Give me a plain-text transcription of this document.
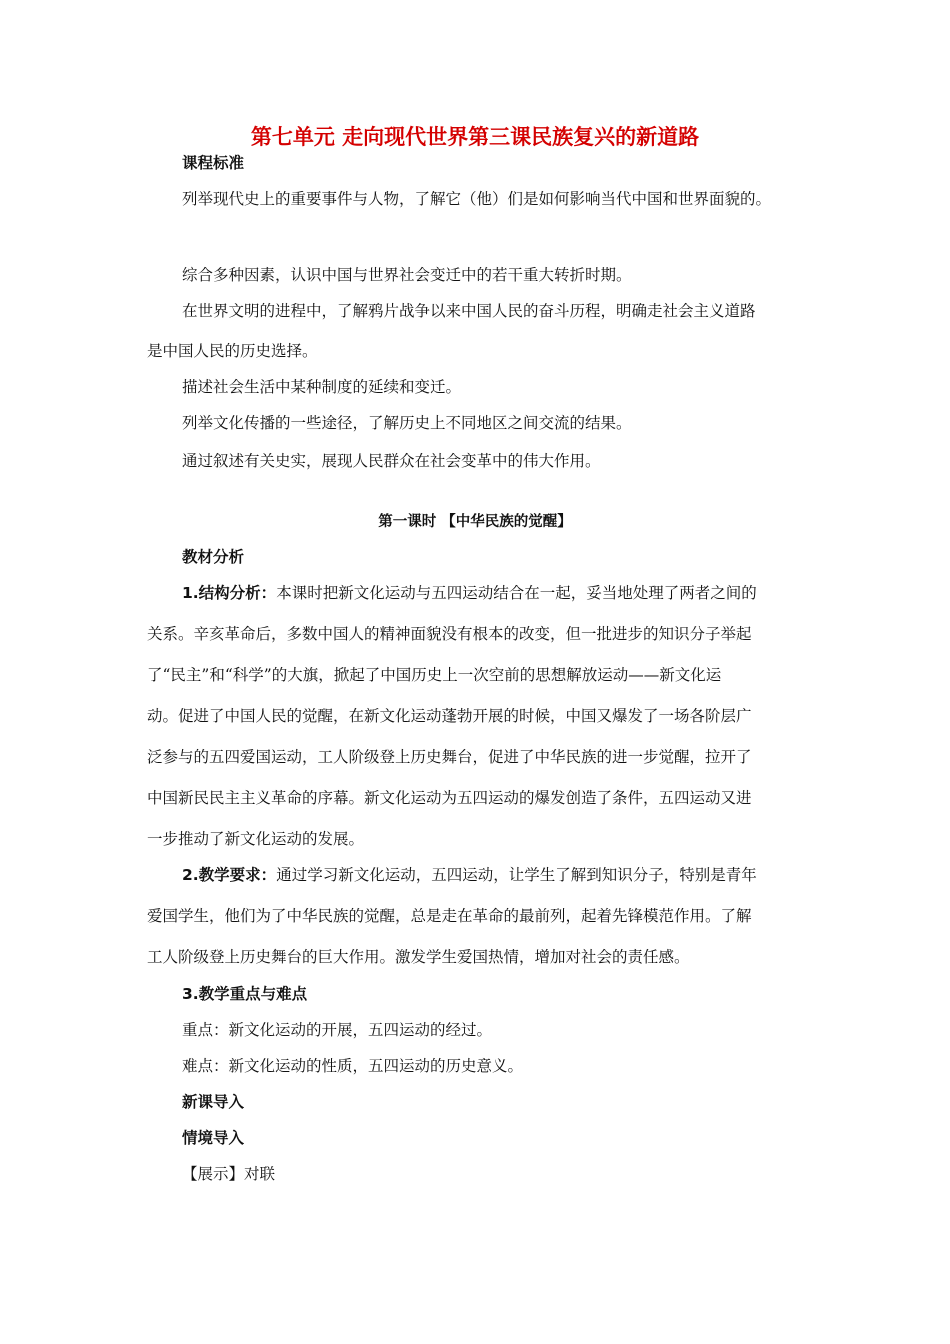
第七单元 走向现代世界第三课民族复兴的新道路
课程标准
列举现代史上的重要事件与人物，了解它（他）们是如何影响当代中国和世界面貌的。
综合多种因素，认识中国与世界社会变迁中的若干重大转折时期。
在世界文明的进程中，了解鸦片战争以来中国人民的奋斗历程，明确走社会主义道路
是中国人民的历史选择。
描述社会生活中某种制度的延续和变迁。
列举文化传播的一些途径，了解历史上不同地区之间交流的结果。
通过叙述有关史实，展现人民群众在社会变革中的伟大作用。
第一课时 【中华民族的觉醒】
教材分析
1.结构分析：本课时把新文化运动与五四运动结合在一起，妥当地处理了两者之间的
关系。辛亥革命后，多数中国人的精神面貌没有根本的改变，但一批进步的知识分子举起
了“民主”和“科学”的大旗，掀起了中国历史上一次空前的思想解放运动——新文化运
动。促进了中国人民的觉醒，在新文化运动蓬勃开展的时候，中国又爆发了一场各阶层广
泛参与的五四爱国运动，工人阶级登上历史舞台，促进了中华民族的进一步觉醒，拉开了
中国新民民主主义革命的序幕。新文化运动为五四运动的爆发创造了条件，五四运动又进
一步推动了新文化运动的发展。
2.教学要求：通过学习新文化运动，五四运动，让学生了解到知识分子，特别是青年
爱国学生，他们为了中华民族的觉醒，总是走在革命的最前列，起着先锋模范作用。了解
工人阶级登上历史舞台的巨大作用。激发学生爱国热情，增加对社会的责任感。
3.教学重点与难点
重点：新文化运动的开展，五四运动的经过。
难点：新文化运动的性质，五四运动的历史意义。
新课导入
情境导入
【展示】对联
